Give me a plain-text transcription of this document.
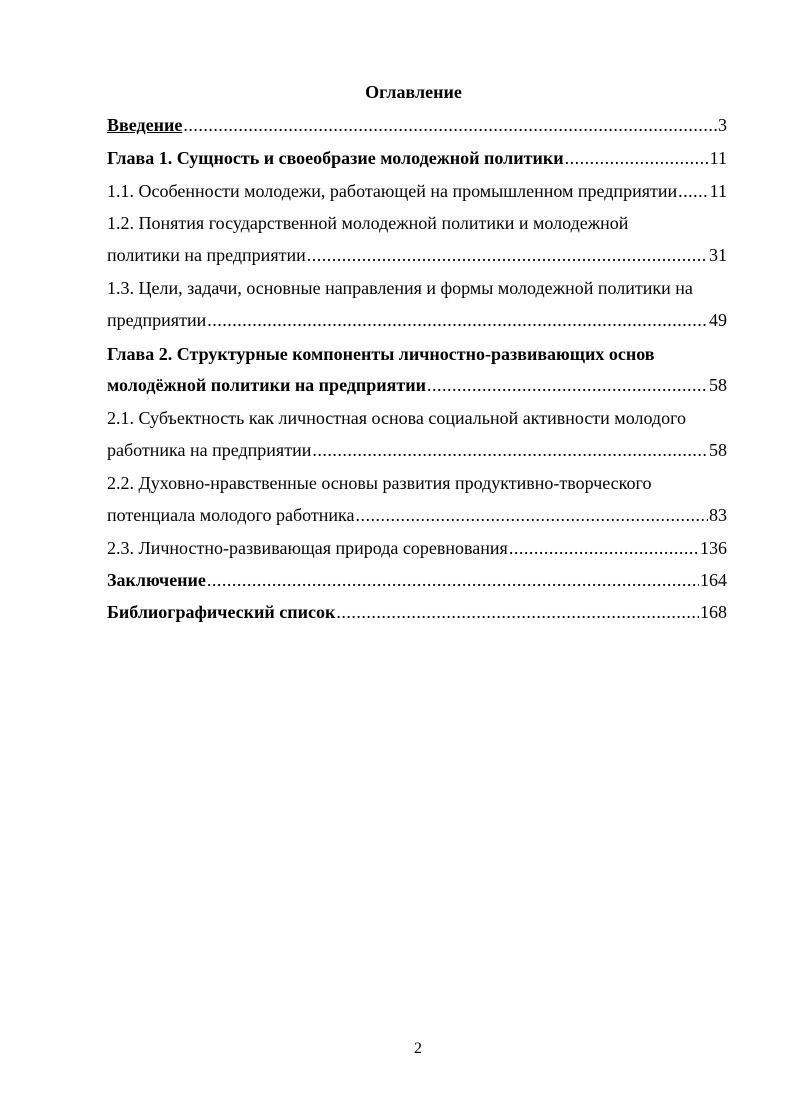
Оглавление
Введение .....	3
Глава 1. Сущность и своеобразие молодежной политики .....	11
1.1. Особенности молодежи, работающей на промышленном предприятии ..... 11
1.2. Понятия государственной молодежной политики и молодежной
политики на предприятии .....	31
1.3. Цели, задачи, основные направления и формы молодежной политики на
предприятии .....	49
Глава 2. Структурные компоненты личностно-развивающих основ
молодёжной политики на предприятии .....	58
2.1. Субъектность как личностная основа социальной активности молодого
работника на предприятии .....	58
2.2. Духовно-нравственные основы развития продуктивно-творческого
потенциала молодого работника .....	83
2.3. Личностно-развивающая природа соревнования .....	136
Заключение .....	164
Библиографический список .....	168
2
